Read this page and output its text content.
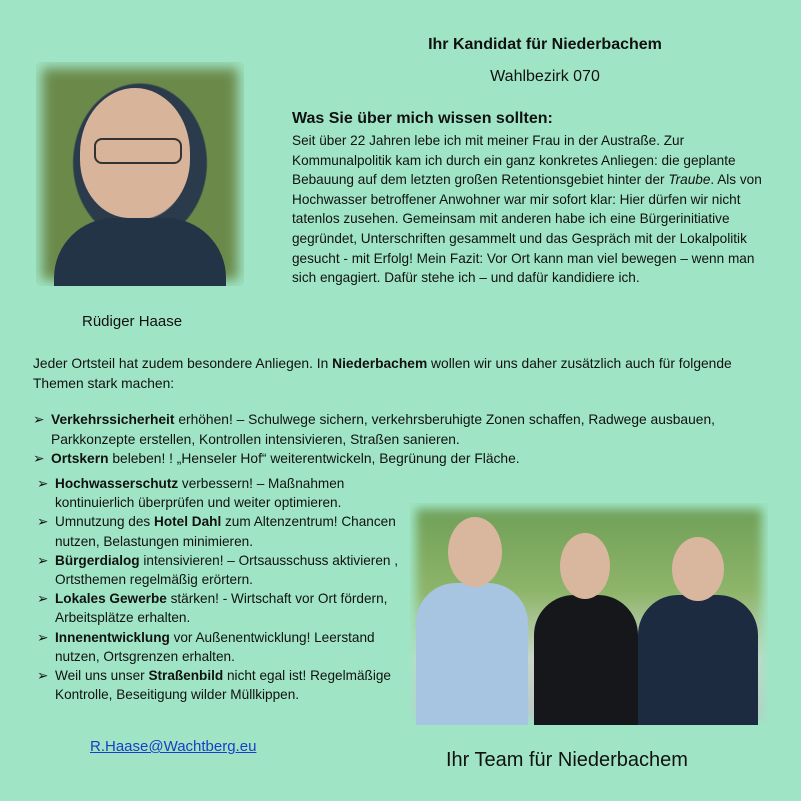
Ihr Kandidat für Niederbachem
Wahlbezirk 070
Rüdiger Haase
Was Sie über mich wissen sollten:
Seit über 22 Jahren lebe ich mit meiner Frau in der Austraße. Zur Kommunalpolitik kam ich durch ein ganz konkretes Anliegen: die geplante Bebauung auf dem letzten großen Retentionsgebiet hinter der Traube. Als von Hochwasser betroffener Anwohner war mir sofort klar: Hier dürfen wir nicht tatenlos zusehen. Gemeinsam mit anderen habe ich eine Bürgerinitiative gegründet, Unterschriften gesammelt und das Gespräch mit der Lokalpolitik gesucht - mit Erfolg! Mein Fazit: Vor Ort kann man viel bewegen – wenn man sich engagiert. Dafür stehe ich – und dafür kandidiere ich.
Jeder Ortsteil hat zudem besondere Anliegen. In Niederbachem wollen wir uns daher zusätzlich auch für folgende Themen stark machen:
➢ Verkehrssicherheit erhöhen! – Schulwege sichern, verkehrsberuhigte Zonen schaffen, Radwege ausbauen, Parkkonzepte erstellen, Kontrollen intensivieren, Straßen sanieren.
➢ Ortskern beleben! ! „Henseler Hof“ weiterentwickeln, Begrünung der Fläche.
➢ Hochwasserschutz verbessern! – Maßnahmen kontinuierlich überprüfen und weiter optimieren.
➢ Umnutzung des Hotel Dahl zum Altenzentrum! Chancen nutzen, Belastungen minimieren.
➢ Bürgerdialog intensivieren! – Ortsausschuss aktivieren , Ortsthemen regelmäßig erörtern.
➢ Lokales Gewerbe stärken! - Wirtschaft vor Ort fördern, Arbeitsplätze erhalten.
➢ Innenentwicklung vor Außenentwicklung! Leerstand nutzen, Ortsgrenzen erhalten.
➢ Weil uns unser Straßenbild nicht egal ist! Regelmäßige Kontrolle, Beseitigung wilder Müllkippen.
R.Haase@Wachtberg.eu
Ihr Team für Niederbachem
